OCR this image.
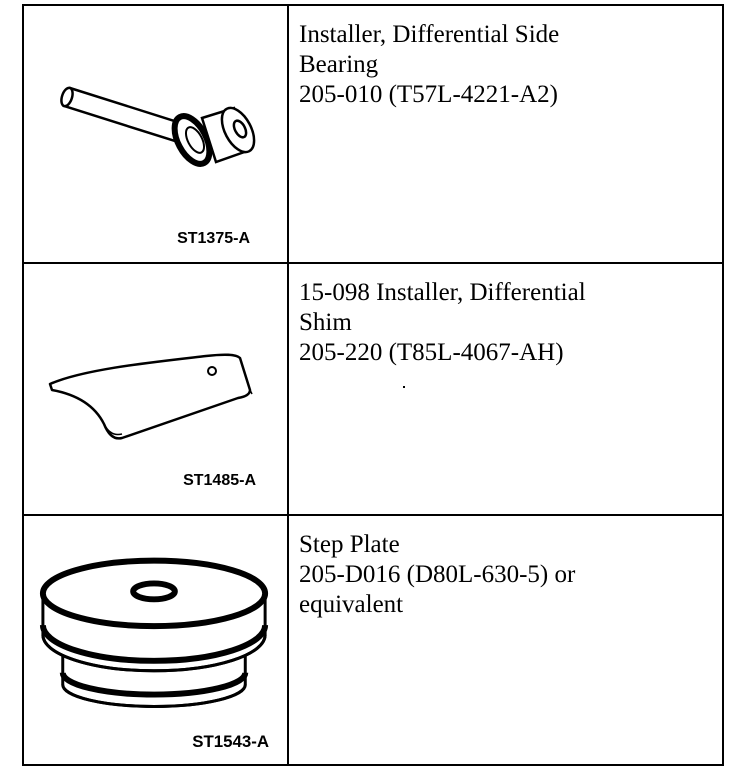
ST1375-A
Installer, Differential Side
Bearing
205-010 (T57L-4221-A2)
ST1485-A
15-098 Installer, Differential
Shim
205-220 (T85L-4067-AH)
ST1543-A
Step Plate
205-D016 (D80L-630-5) or
equivalent
